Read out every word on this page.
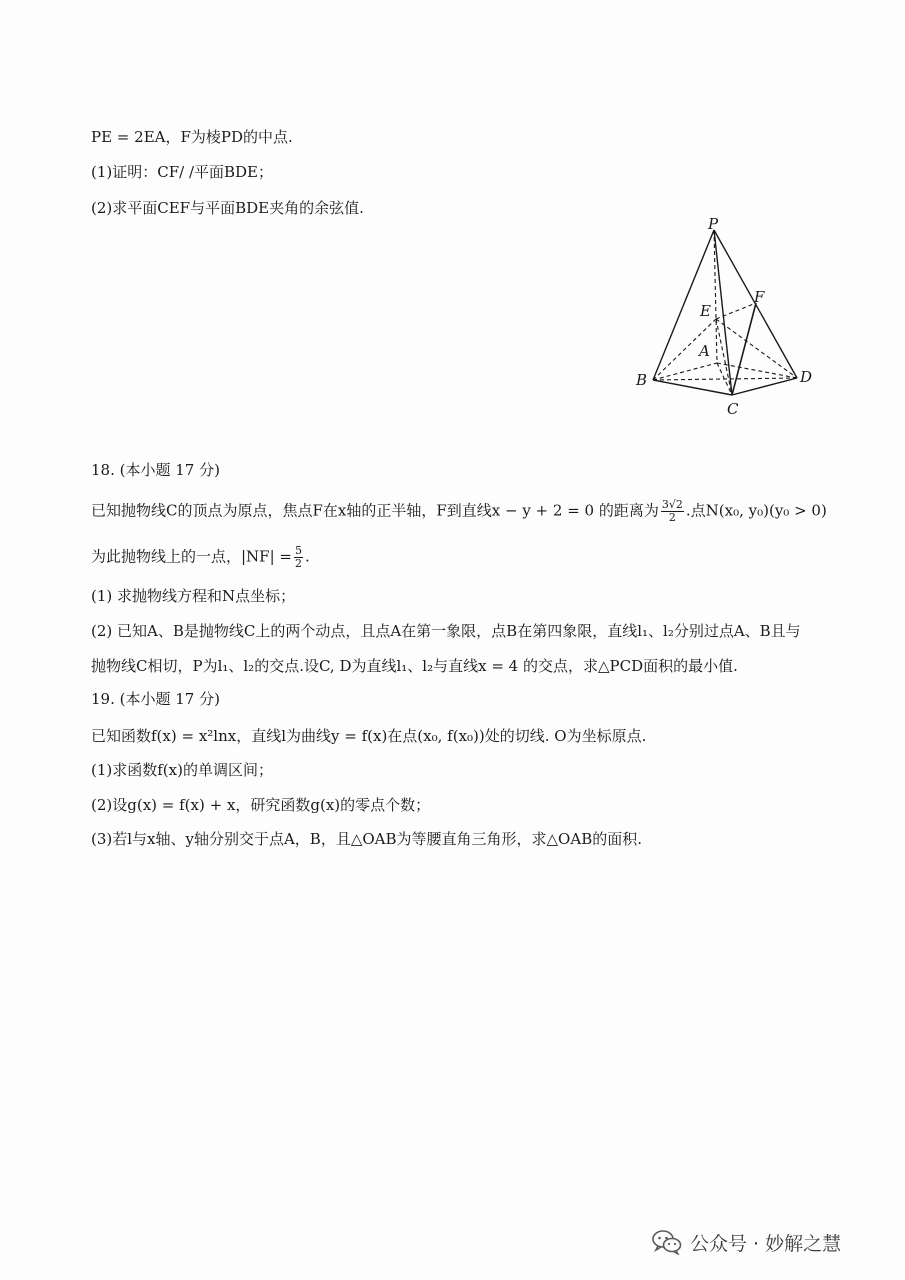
PE = 2EA，F为棱PD的中点.
(1)证明：CF/ /平面BDE；
(2)求平面CEF与平面BDE夹角的余弦值.
P
F
E
A
B
C
D
18. (本小题 17 分)
已知抛物线C的顶点为原点，焦点F在x轴的正半轴，F到直线x − y + 2 = 0 的距离为 $\frac{3√2}{2}$ .点N(x₀, y₀)(y₀ > 0)
为此抛物线上的一点，$|NF| = \frac{5}{2}$ .
(1) 求抛物线方程和N点坐标；
(2) 已知A、B是抛物线C上的两个动点，且点A在第一象限，点B在第四象限，直线l₁、l₂分别过点A、B且与
抛物线C相切，P为l₁、l₂的交点.设C, D为直线l₁、l₂与直线x = 4 的交点，求△PCD面积的最小值.
19. (本小题 17 分)
已知函数f(x) = x²lnx，直线l为曲线y = f(x)在点(x₀, f(x₀))处的切线. O为坐标原点.
(1)求函数f(x)的单调区间；
(2)设g(x) = f(x) + x，研究函数g(x)的零点个数；
(3)若l与x轴、y轴分别交于点A，B，且△OAB为等腰直角三角形，求△OAB的面积.
公众号 · 妙解之慧
